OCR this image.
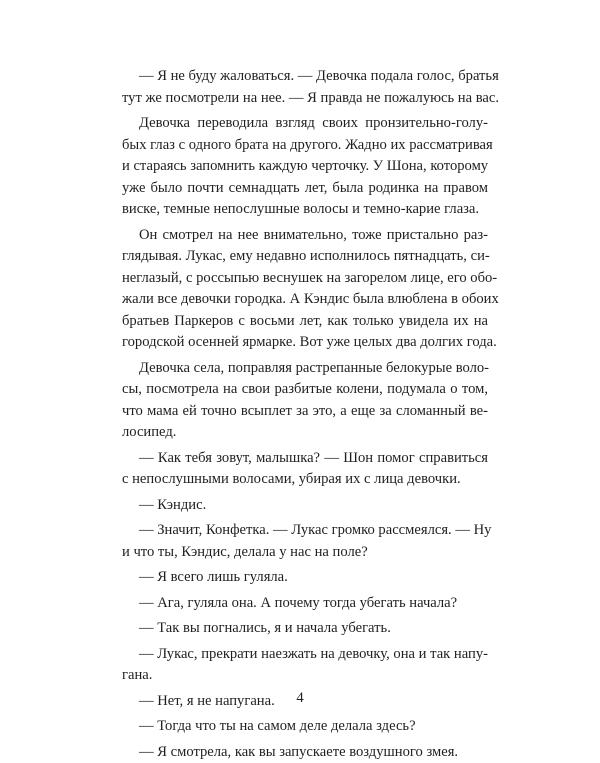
— Я не буду жаловаться. — Девочка подала голос, братья
тут же посмотрели на нее. — Я правда не пожалуюсь на вас.
Девочка переводила взгляд своих пронзительно-голу-
бых глаз с одного брата на другого. Жадно их рассматривая
и стараясь запомнить каждую черточку. У Шона, которому
уже было почти семнадцать лет, была родинка на правом
виске, темные непослушные волосы и темно-карие глаза.
Он смотрел на нее внимательно, тоже пристально раз-
глядывая. Лукас, ему недавно исполнилось пятнадцать, си-
неглазый, с россыпью веснушек на загорелом лице, его обо-
жали все девочки городка. А Кэндис была влюблена в обоих
братьев Паркеров с восьми лет, как только увидела их на
городской осенней ярмарке. Вот уже целых два долгих года.
Девочка села, поправляя растрепанные белокурые воло-
сы, посмотрела на свои разбитые колени, подумала о том,
что мама ей точно всыплет за это, а еще за сломанный ве-
лосипед.
— Как тебя зовут, малышка? — Шон помог справиться
с непослушными волосами, убирая их с лица девочки.
— Кэндис.
— Значит, Конфетка. — Лукас громко рассмеялся. — Ну
и что ты, Кэндис, делала у нас на поле?
— Я всего лишь гуляла.
— Ага, гуляла она. А почему тогда убегать начала?
— Так вы погнались, я и начала убегать.
— Лукас, прекрати наезжать на девочку, она и так напу-
гана.
— Нет, я не напугана.
— Тогда что ты на самом деле делала здесь?
— Я смотрела, как вы запускаете воздушного змея.
4
